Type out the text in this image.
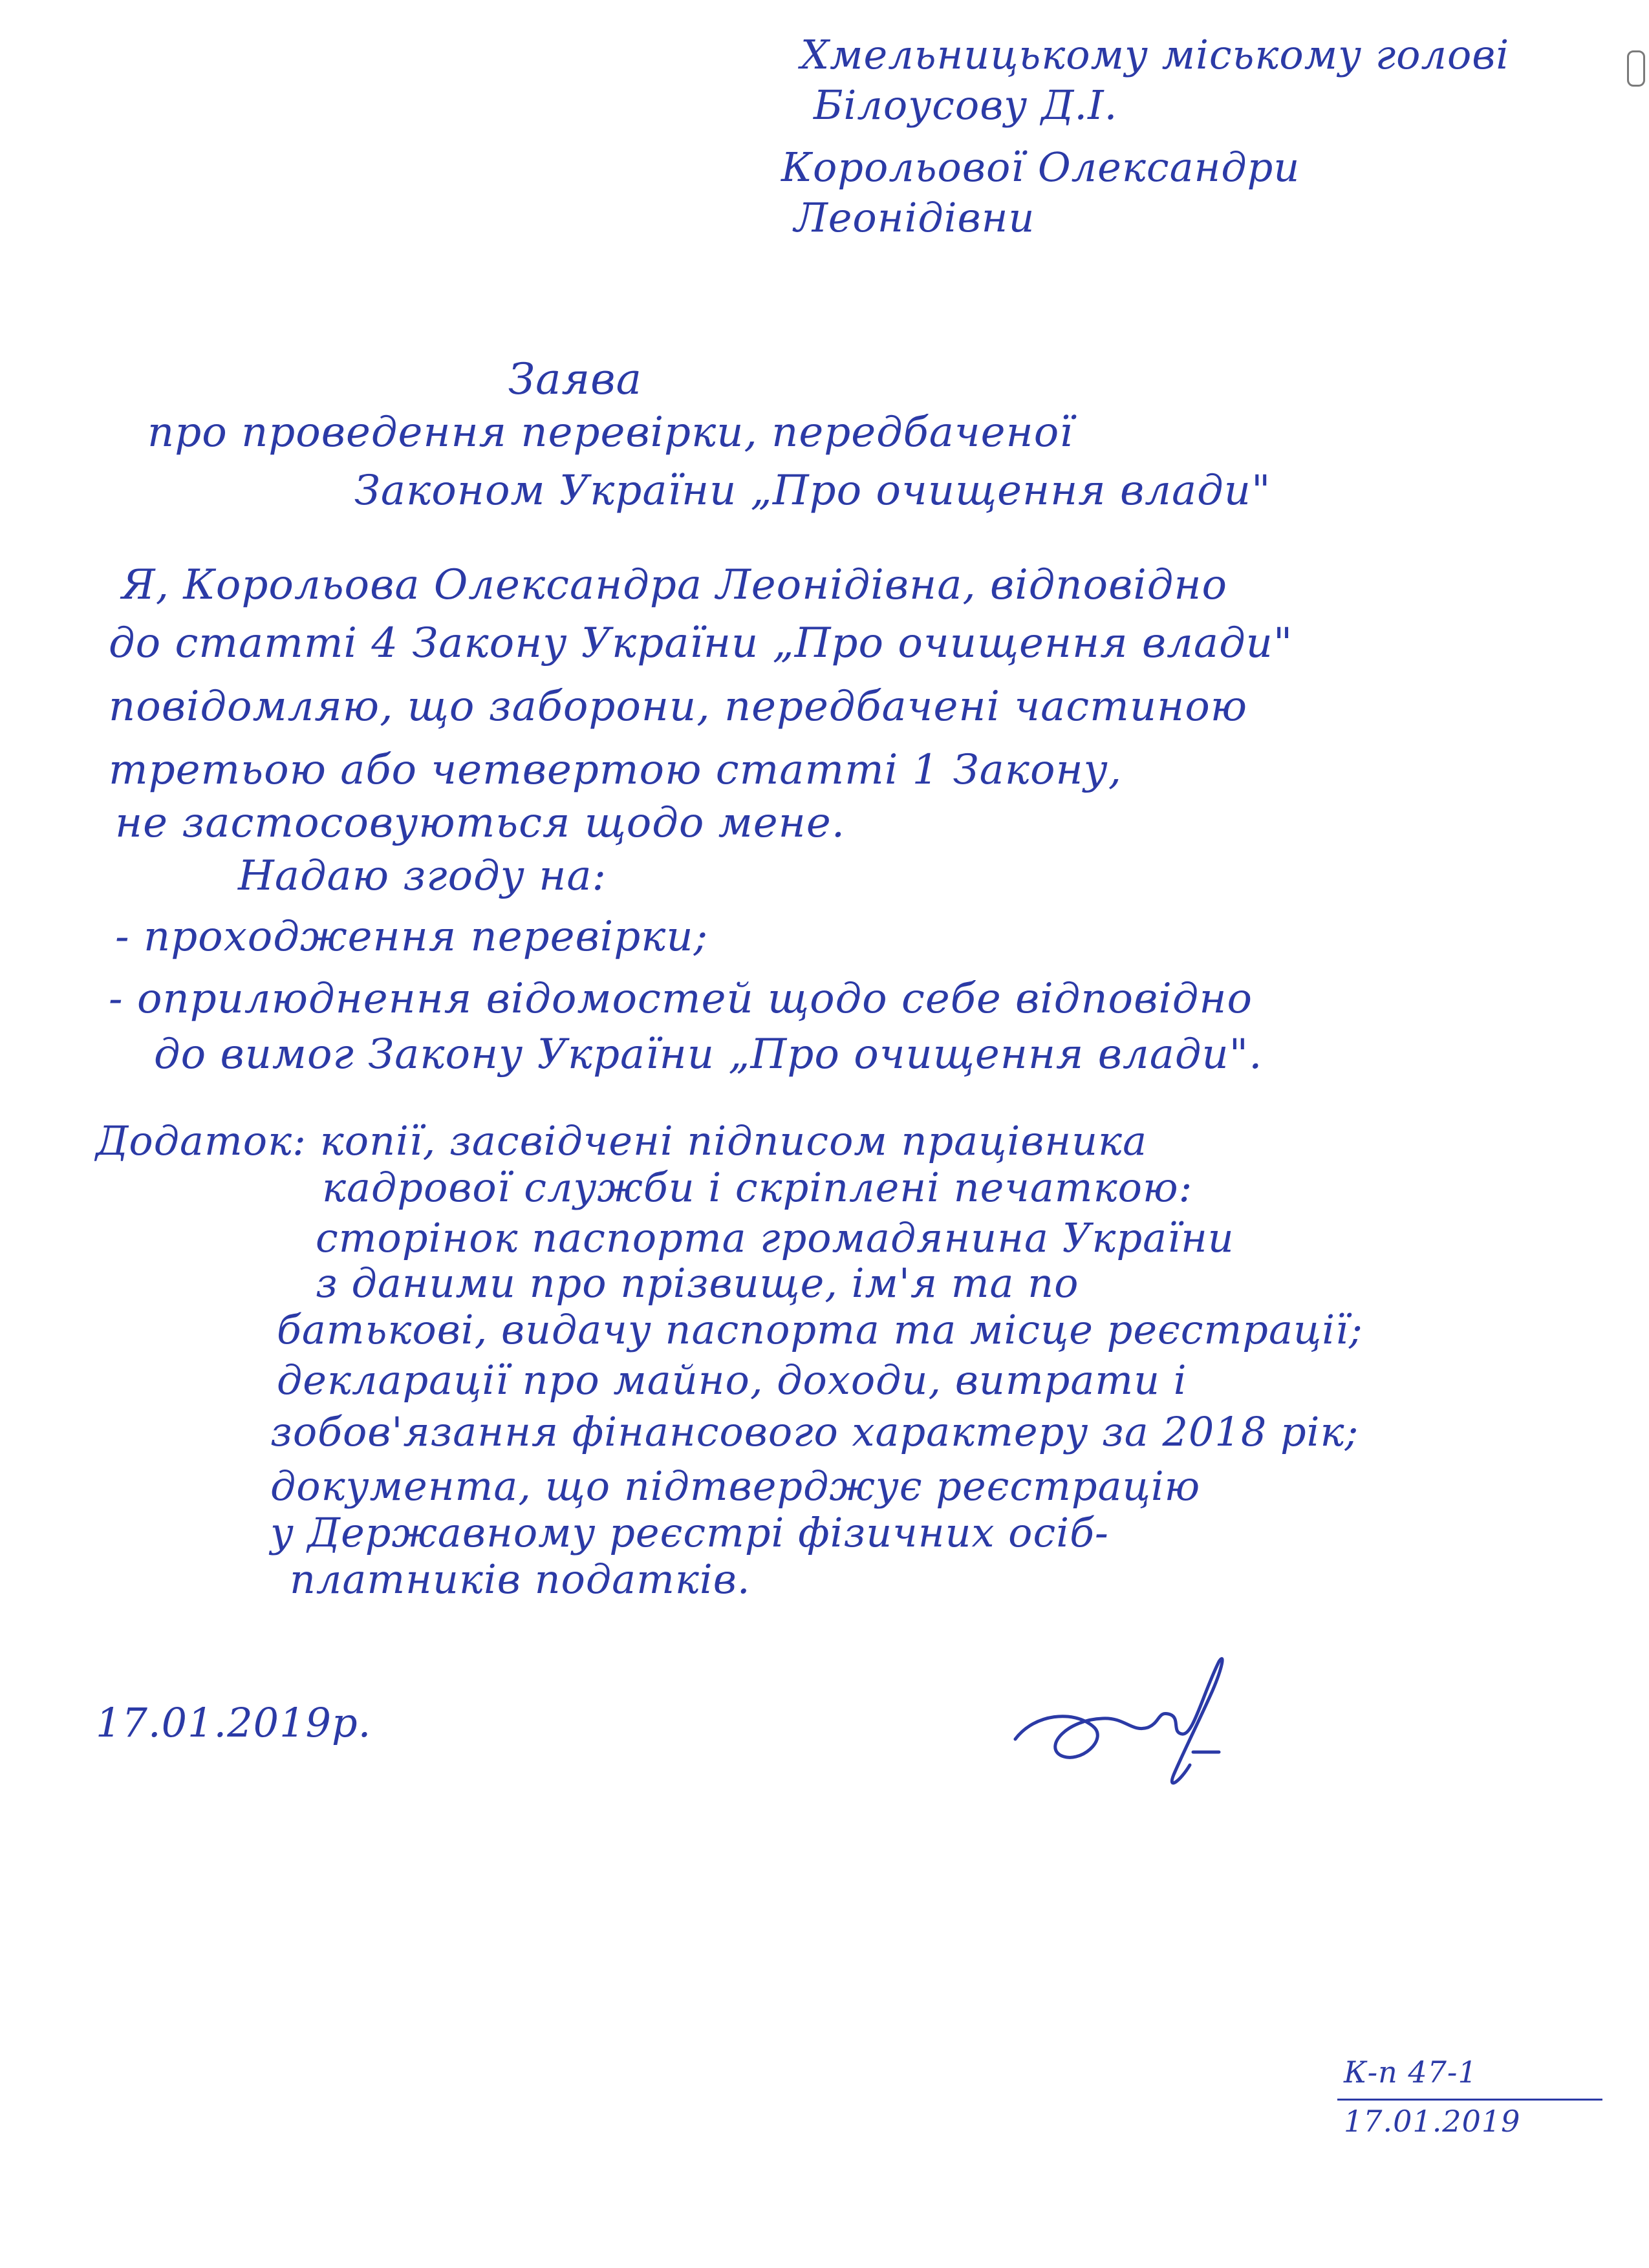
Хмельницькому міському голові
Білоусову Д.І.
Корольової Олександри
Леонідівни
Заява
про проведення перевірки, передбаченої
Законом України „Про очищення влади"
Я, Корольова Олександра Леонідівна, відповідно
до статті 4 Закону України „Про очищення влади"
повідомляю, що заборони, передбачені частиною
третьою або четвертою статті 1 Закону,
не застосовуються щодо мене.
Надаю згоду на:
- проходження перевірки;
- оприлюднення відомостей щодо себе відповідно
до вимог Закону України „Про очищення влади".
Додаток: копії, засвідчені підписом працівника
кадрової служби і скріплені печаткою:
сторінок паспорта громадянина України
з даними про прізвище, ім'я та по
батькові, видачу паспорта та місце реєстрації;
декларації про майно, доходи, витрати і
зобов'язання фінансового характеру за 2018 рік;
документа, що підтверджує реєстрацію
у Державному реєстрі фізичних осіб-
платників податків.
17.01.2019р.
К-п 47-1
17.01.2019
